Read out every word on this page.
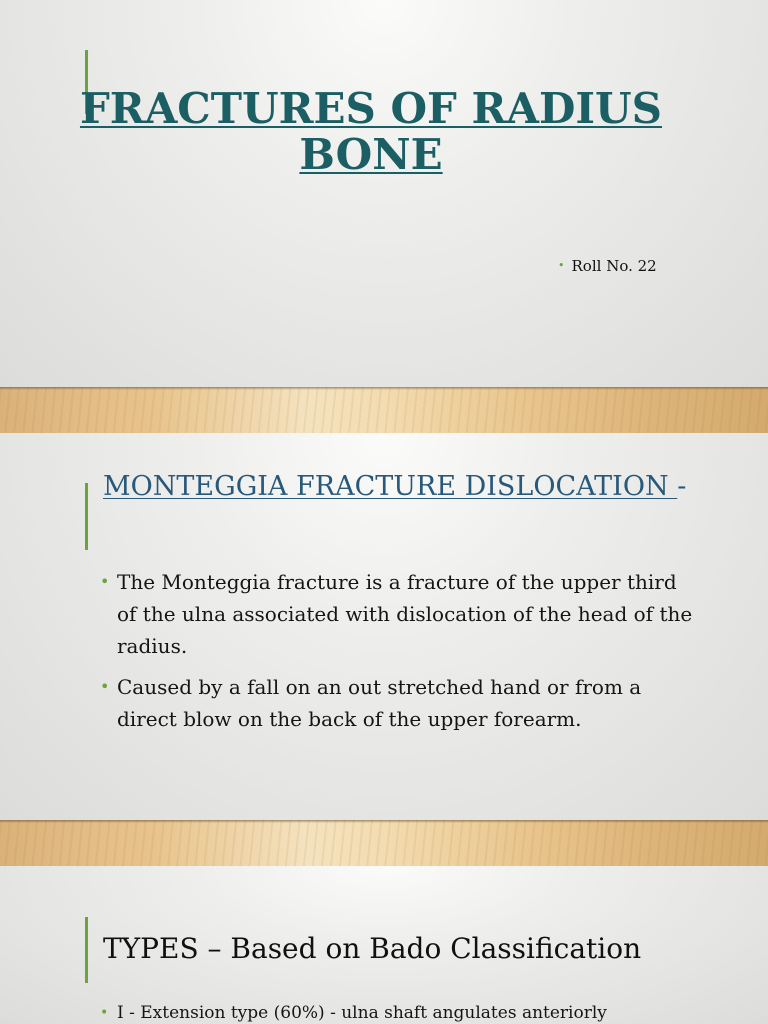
FRACTURES OF RADIUS BONE
• Roll No. 22
MONTEGGIA FRACTURE DISLOCATION -
• The Monteggia fracture is a fracture of the upper third of the ulna associated with dislocation of the head of the radius.
• Caused by a fall on an out stretched hand or from a direct blow on the back of the upper forearm.
TYPES – Based on Bado Classification
• I - Extension type (60%) - ulna shaft angulates anteriorly
